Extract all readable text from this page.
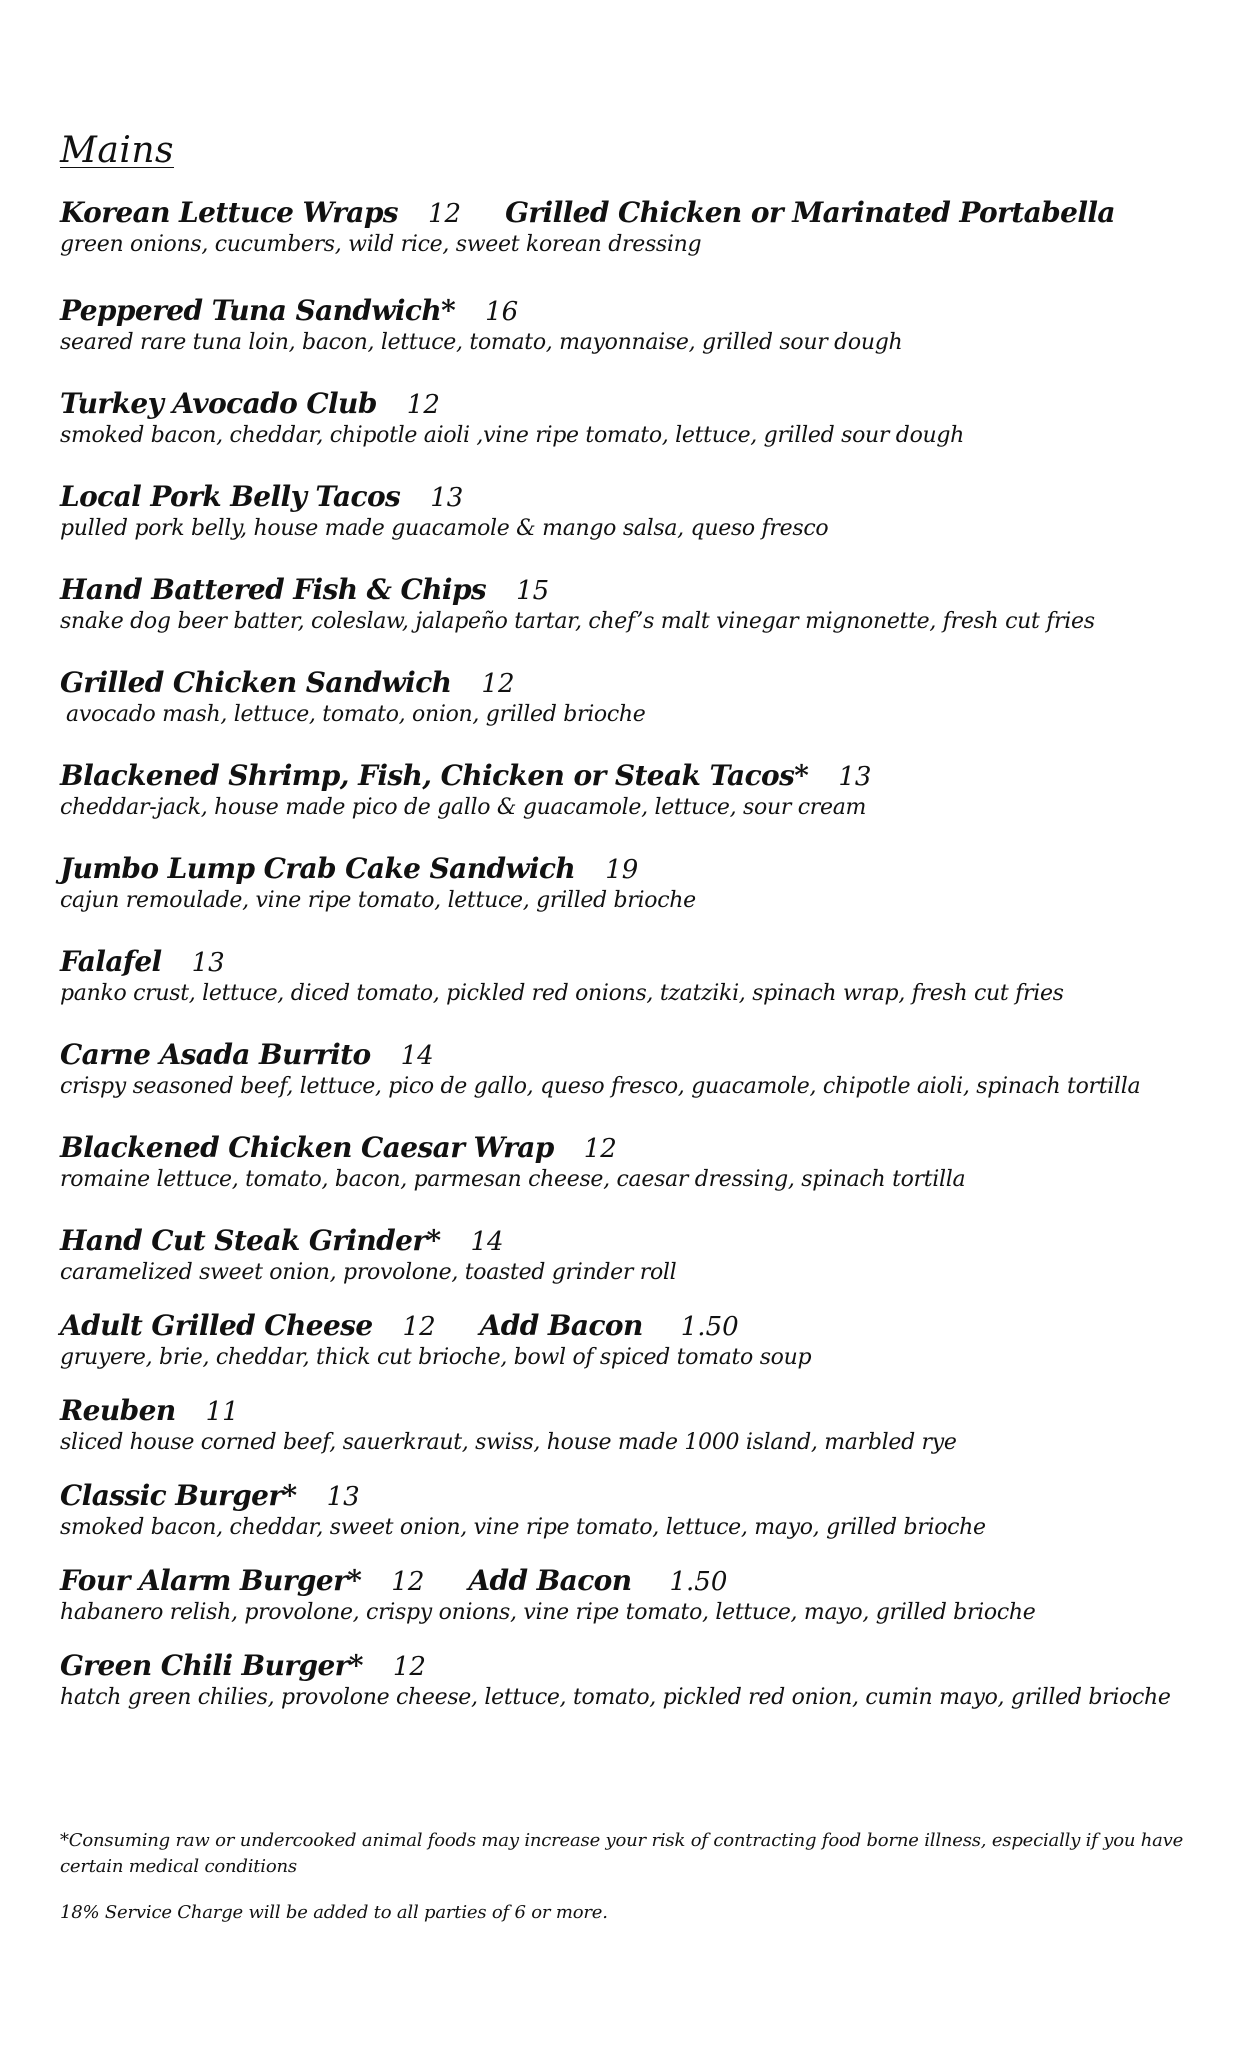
Mains
Korean Lettuce Wraps 12 Grilled Chicken or Marinated Portabella
green onions, cucumbers, wild rice, sweet korean dressing
Peppered Tuna Sandwich* 16
seared rare tuna loin, bacon, lettuce, tomato, mayonnaise, grilled sour dough
Turkey Avocado Club 12
smoked bacon, cheddar, chipotle aioli ,vine ripe tomato, lettuce, grilled sour dough
Local Pork Belly Tacos 13
pulled pork belly, house made guacamole & mango salsa, queso fresco
Hand Battered Fish & Chips 15
snake dog beer batter, coleslaw, jalapeño tartar, chef’s malt vinegar mignonette, fresh cut fries
Grilled Chicken Sandwich 12
avocado mash, lettuce, tomato, onion, grilled brioche
Blackened Shrimp, Fish, Chicken or Steak Tacos* 13
cheddar-jack, house made pico de gallo & guacamole, lettuce, sour cream
Jumbo Lump Crab Cake Sandwich 19
cajun remoulade, vine ripe tomato, lettuce, grilled brioche
Falafel 13
panko crust, lettuce, diced tomato, pickled red onions, tzatziki, spinach wrap, fresh cut fries
Carne Asada Burrito 14
crispy seasoned beef, lettuce, pico de gallo, queso fresco, guacamole, chipotle aioli, spinach tortilla
Blackened Chicken Caesar Wrap 12
romaine lettuce, tomato, bacon, parmesan cheese, caesar dressing, spinach tortilla
Hand Cut Steak Grinder* 14
caramelized sweet onion, provolone, toasted grinder roll
Adult Grilled Cheese 12 Add Bacon 1.50
gruyere, brie, cheddar, thick cut brioche, bowl of spiced tomato soup
Reuben 11
sliced house corned beef, sauerkraut, swiss, house made 1000 island, marbled rye
Classic Burger* 13
smoked bacon, cheddar, sweet onion, vine ripe tomato, lettuce, mayo, grilled brioche
Four Alarm Burger* 12 Add Bacon 1.50
habanero relish, provolone, crispy onions, vine ripe tomato, lettuce, mayo, grilled brioche
Green Chili Burger* 12
hatch green chilies, provolone cheese, lettuce, tomato, pickled red onion, cumin mayo, grilled brioche
*Consuming raw or undercooked animal foods may increase your risk of contracting food borne illness, especially if you have certain medical conditions
18% Service Charge will be added to all parties of 6 or more.
